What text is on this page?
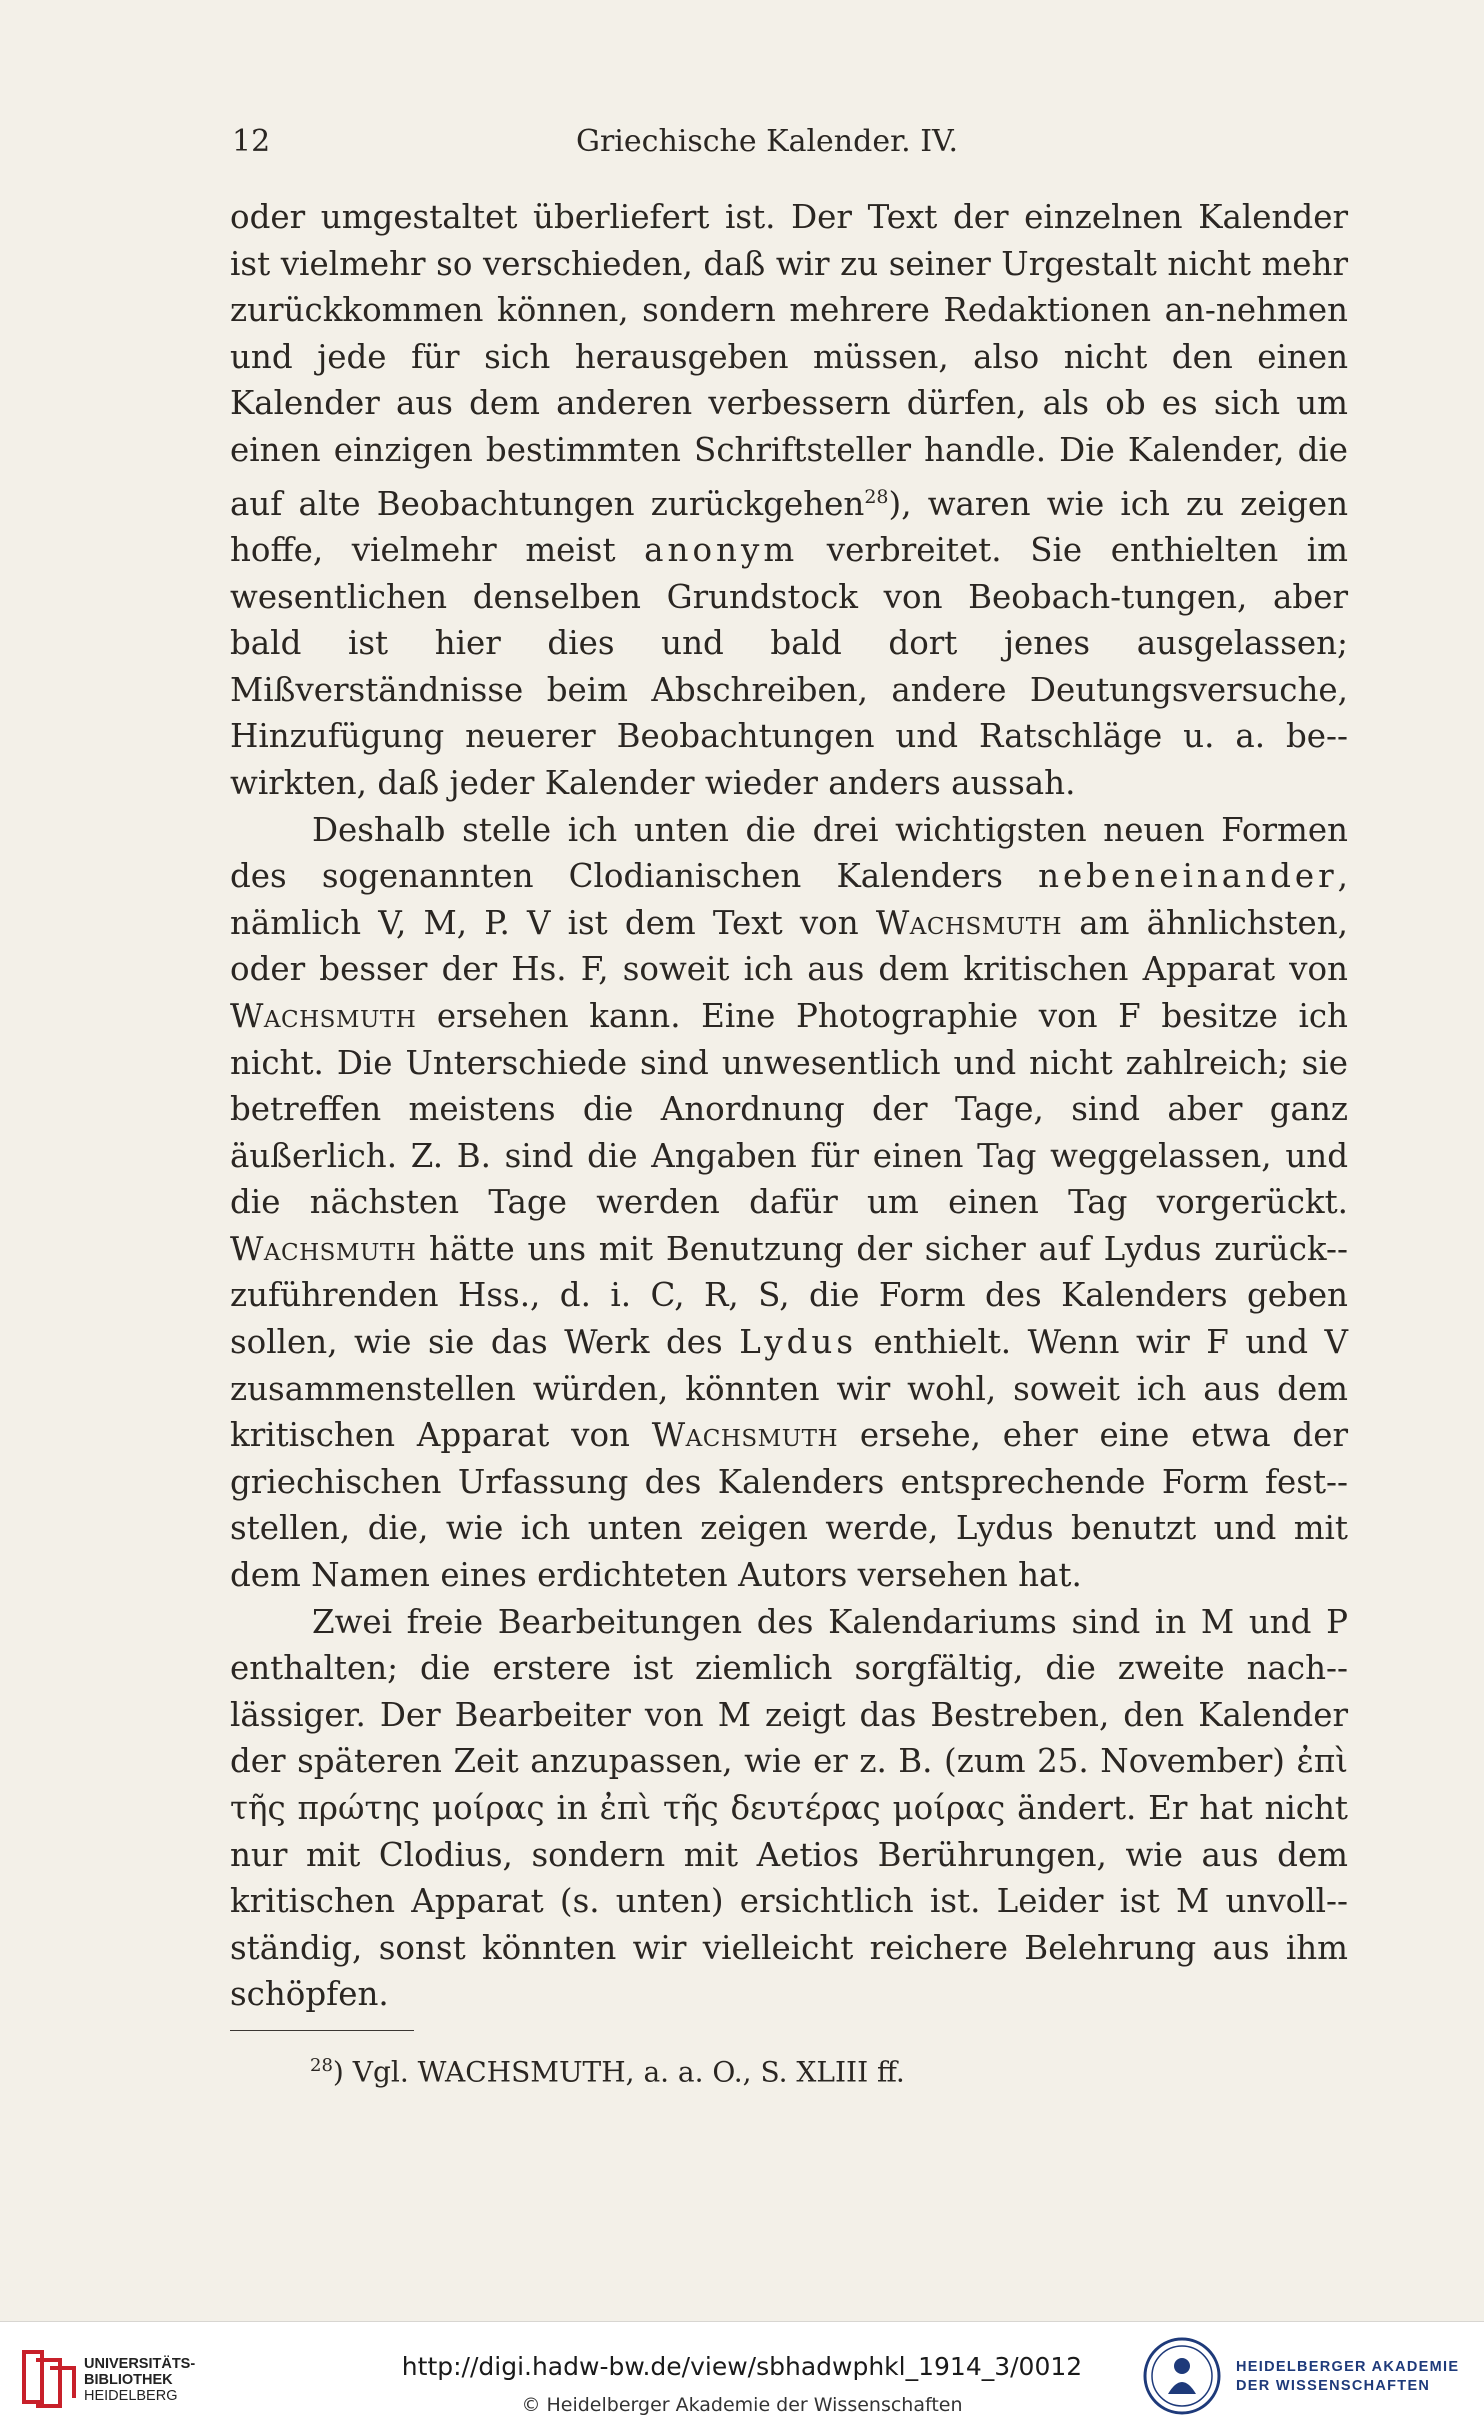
12	Griechische Kalender. IV.

oder umgestaltet überliefert ist. Der Text der einzelnen Kalender ist vielmehr so verschieden, daß wir zu seiner Urgestalt nicht mehr zurückkommen können, sondern mehrere Redaktionen an-nehmen und jede für sich herausgeben müssen, also nicht den einen Kalender aus dem anderen verbessern dürfen, als ob es sich um einen einzigen bestimmten Schriftsteller handle. Die Kalender, die auf alte Beobachtungen zurückgehen$^{28}$), waren wie ich zu zeigen hoffe, vielmehr meist anonym verbreitet. Sie enthielten im wesentlichen denselben Grundstock von Beobach-tungen, aber bald ist hier dies und bald dort jenes ausgelassen; Mißverständnisse beim Abschreiben, andere Deutungsversuche, Hinzufügung neuerer Beobachtungen und Ratschläge u. a. be-wirkten, daß jeder Kalender wieder anders aussah.

Deshalb stelle ich unten die drei wichtigsten neuen Formen des sogenannten Clodianischen Kalenders nebeneinander, nämlich V, M, P. V ist dem Text von Wachsmuth am ähnlichsten, oder besser der Hs. F, soweit ich aus dem kritischen Apparat von Wachsmuth ersehen kann. Eine Photographie von F besitze ich nicht. Die Unterschiede sind unwesentlich und nicht zahlreich; sie betreffen meistens die Anordnung der Tage, sind aber ganz äußerlich. Z. B. sind die Angaben für einen Tag weggelassen, und die nächsten Tage werden dafür um einen Tag vorgerückt. Wachsmuth hätte uns mit Benutzung der sicher auf Lydus zurück-zuführenden Hss., d. i. C, R, S, die Form des Kalenders geben sollen, wie sie das Werk des Lydus enthielt. Wenn wir F und V zusammenstellen würden, könnten wir wohl, soweit ich aus dem kritischen Apparat von Wachsmuth ersehe, eher eine etwa der griechischen Urfassung des Kalenders entsprechende Form fest-stellen, die, wie ich unten zeigen werde, Lydus benutzt und mit dem Namen eines erdichteten Autors versehen hat.

Zwei freie Bearbeitungen des Kalendariums sind in M und P enthalten; die erstere ist ziemlich sorgfältig, die zweite nach-lässiger. Der Bearbeiter von M zeigt das Bestreben, den Kalender der späteren Zeit anzupassen, wie er z. B. (zum 25. November) ἐπὶ τῆς πρώτης μοίρας in ἐπὶ τῆς δευτέρας μοίρας ändert. Er hat nicht nur mit Clodius, sondern mit Aetios Berührungen, wie aus dem kritischen Apparat (s. unten) ersichtlich ist. Leider ist M unvoll-ständig, sonst könnten wir vielleicht reichere Belehrung aus ihm schöpfen.

$^{28}$) Vgl. WACHSMUTH, a. a. O., S. XLIII ff.
UNIVERSITÄTS-
BIBLIOTHEK
HEIDELBERG
http://digi.hadw-bw.de/view/sbhadwphkl_1914_3/0012
© Heidelberger Akademie der Wissenschaften
HEIDELBERGER AKADEMIE
DER WISSENSCHAFTEN
